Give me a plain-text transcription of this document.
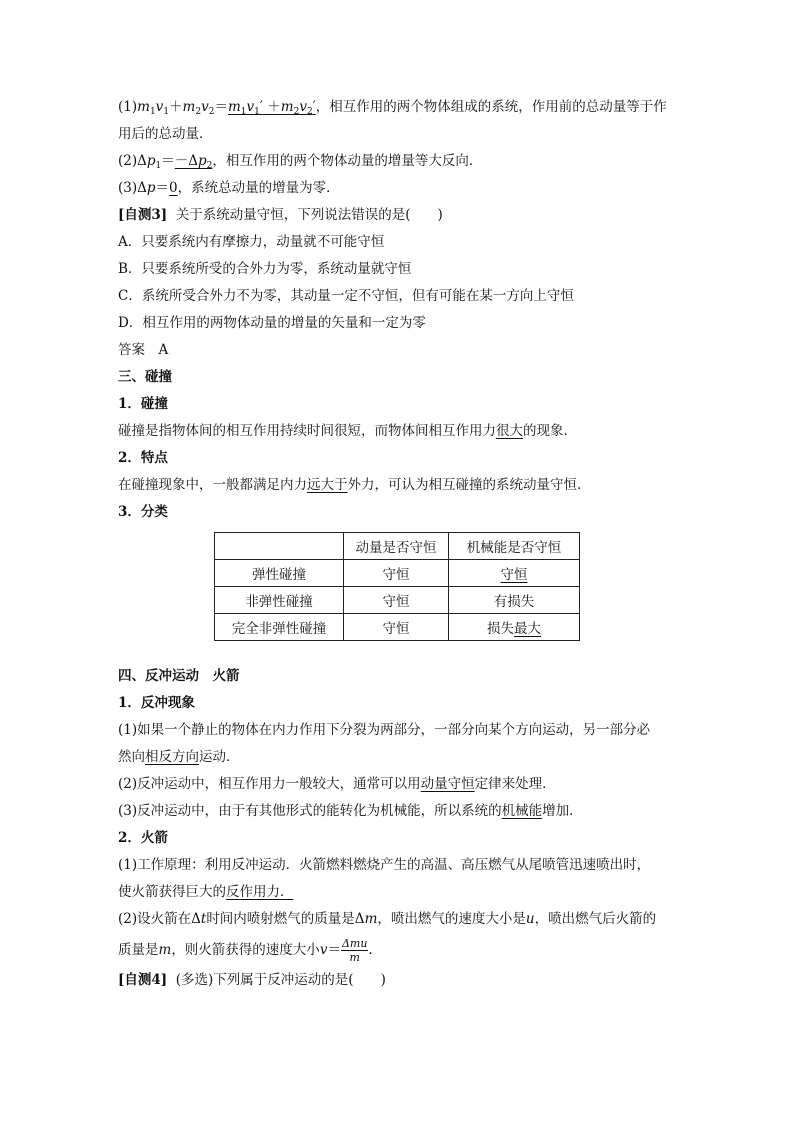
$(1)m_1v_1+m_2v_2=m_1v_1' +m_2v_2'$，相互作用的两个物体组成的系统，作用前的总动量等于作
用后的总动量．
$(2)\Delta p_1=-\Delta p_2$，相互作用的两个物体动量的增量等大反向．
(3)Δp＝0，系统总动量的增量为零．
[自测3] 关于系统动量守恒，下列说法错误的是(　　)
A．只要系统内有摩擦力，动量就不可能守恒
B．只要系统所受的合外力为零，系统动量就守恒
C．系统所受合外力不为零，其动量一定不守恒，但有可能在某一方向上守恒
D．相互作用的两物体动量的增量的矢量和一定为零
答案　A
三、碰撞
1．碰撞
碰撞是指物体间的相互作用持续时间很短，而物体间相互作用力很大的现象．
2．特点
在碰撞现象中，一般都满足内力远大于外力，可认为相互碰撞的系统动量守恒．
3．分类
	动量是否守恒	机械能是否守恒
弹性碰撞	守恒	守恒
非弹性碰撞	守恒	有损失
完全非弹性碰撞	守恒	损失最大
四、反冲运动　火箭
1．反冲现象
(1)如果一个静止的物体在内力作用下分裂为两部分，一部分向某个方向运动，另一部分必
然向相反方向运动．
(2)反冲运动中，相互作用力一般较大，通常可以用动量守恒定律来处理．
(3)反冲运动中，由于有其他形式的能转化为机械能，所以系统的机械能增加．
2．火箭
(1)工作原理：利用反冲运动．火箭燃料燃烧产生的高温、高压燃气从尾喷管迅速喷出时，
使火箭获得巨大的反作用力．
(2)设火箭在Δt时间内喷射燃气的质量是Δm，喷出燃气的速度大小是u，喷出燃气后火箭的
质量是m，则火箭获得的速度大小$v= \frac{\text{Δmu}}{m}$ .
[自测4] (多选)下列属于反冲运动的是(　　)
